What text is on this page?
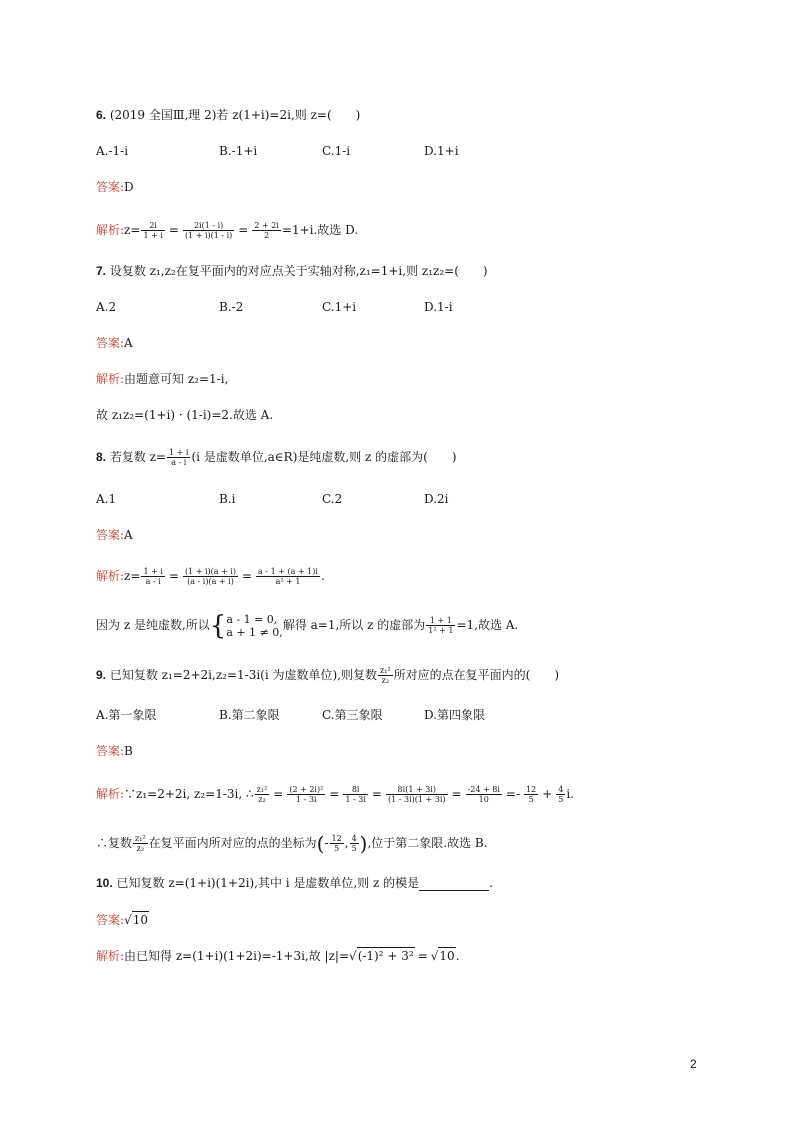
6. (2019 全国Ⅲ,理 2)若 z(1+i)=2i,则 z=(　　)
A.-1-i	B.-1+i	C.1-i	D.1+i
答案:D
解析:z= $\frac{2i}{1 + i} = \frac{2i(1 - i)}{(1 + i)(1 - i)} = \frac{2 + 2i}{2} =1+i$.故选 D.
7. 设复数 z₁,z₂在复平面内的对应点关于实轴对称,z₁=1+i,则 z₁z₂=(　　)
A.2	B.-2	C.1+i	D.1-i
答案:A
解析:由题意可知 z₂=1-i,
故 z₁z₂=(1+i) · (1-i)=2.故选 A.
8. 若复数 $z= \frac{1 + i}{a - i} (i$ 是虚数单位,a∈R)是纯虚数,则 z 的虚部为(　　)
A.1	B.i	C.2	D.2i
答案:A
解析:z= $\frac{1 + i}{a - i} = \frac{(1 + i)(a + i)}{(a - i)(a + i)} = \frac{a - 1 + (a + 1)i}{\text{a² + 1}}$ .
因为 z 是纯虚数,所以{ a - 1 = 0,
a + 1 ≠ 0, 解得 a=1,所以 z 的虚部为 $\frac{1 + 1}{\text{1² + 1}} =1$,故选 A.
9. 已知复数 z₁=2+2i,z₂=1-3i(i 为虚数单位),则复数 $\frac{\text{z₁²}}{\text{z₂}}$ 所对应的点在复平面内的(　　)
A.第一象限	B.第二象限	C.第三象限	D.第四象限
答案:B
解析:∵z₁=2+2i, z₂=1-3i, ∴ $\frac{\text{z₁²}}{\text{z₂}} = \frac{\text{(2 + 2i)²}}{1 - 3i} = \frac{8i}{1 - 3i} = \frac{8i(1 + 3i)}{(1 - 3i)(1 + 3i)} = \frac{-24 + 8i}{10} =- \frac{12}{5} + \frac{4}{5} i$.
∴复数 $\frac{\text{z₁²}}{\text{z₂}}$ 在复平面内所对应的点的坐标为(- $\frac{12}{5}$ , $\frac{4}{5}$ ),位于第二象限.故选 B.
10. 已知复数 z=(1+i)(1+2i),其中 i 是虚数单位,则 z 的模是	.
答案:√10
解析:由已知得 z=(1+i)(1+2i)=-1+3i,故 |z|=√(-1)² + 3² = √10.
2
